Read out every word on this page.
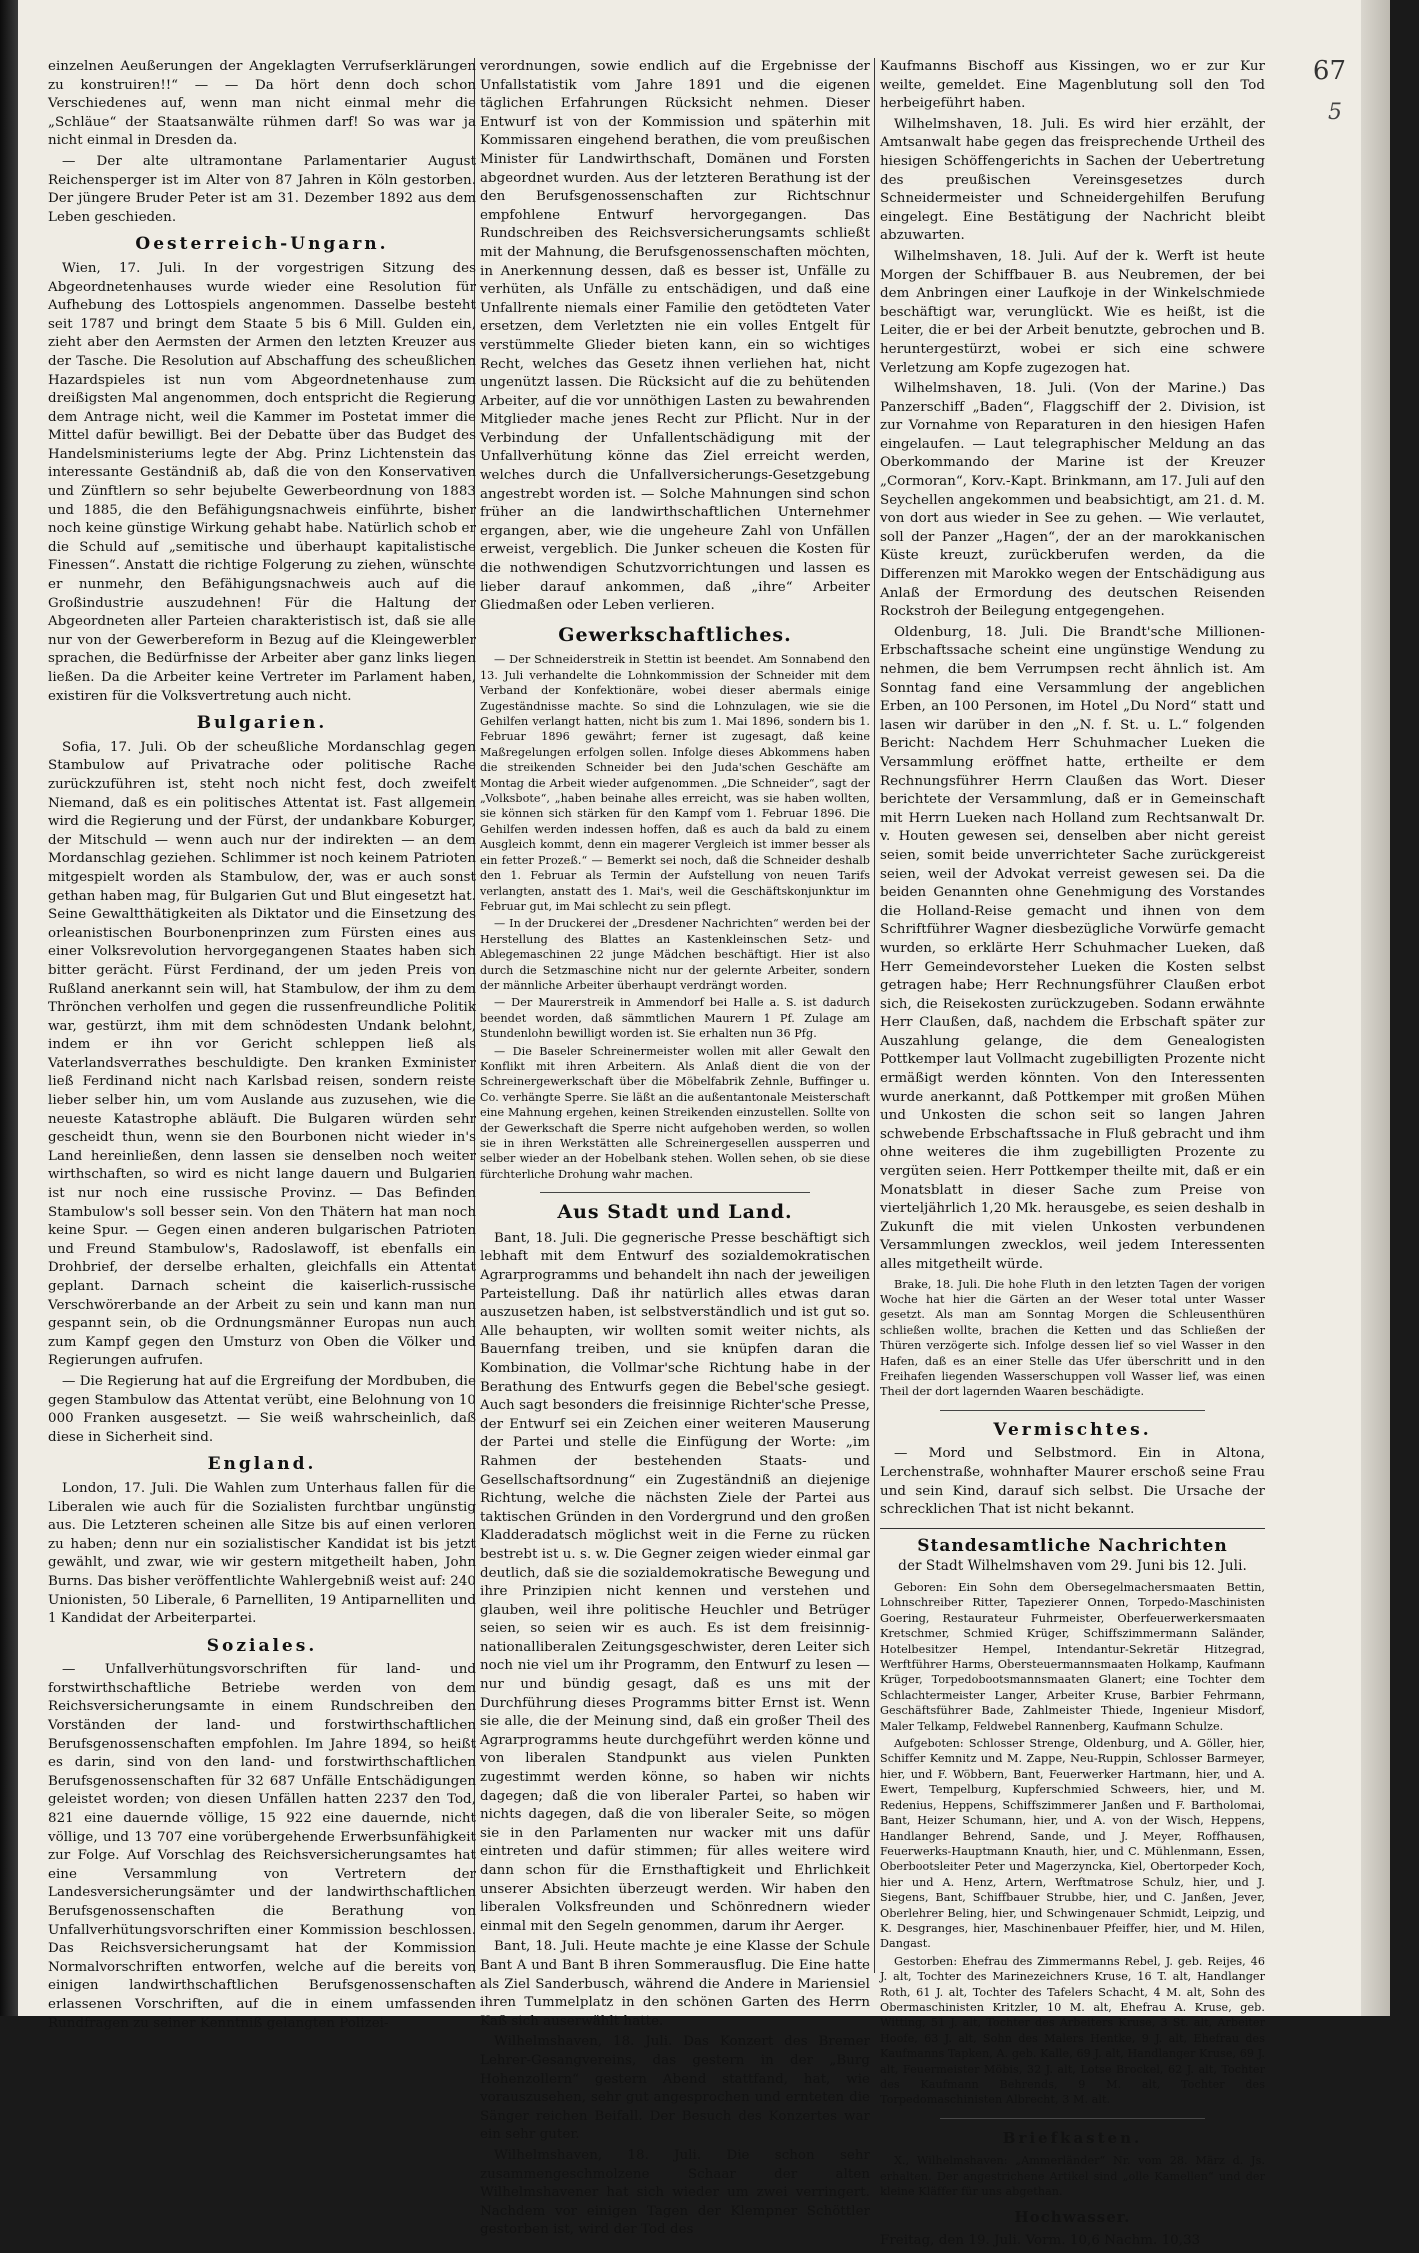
67
5

einzelnen Aeußerungen der Angeklagten Verrufserklärungen zu konstruiren!!“ — — Da hört denn doch schon Verschiedenes auf, wenn man nicht einmal mehr die „Schläue“ der Staatsanwälte rühmen darf! So was war ja nicht einmal in Dresden da.

— Der alte ultramontane Parlamentarier August Reichensperger ist im Alter von 87 Jahren in Köln gestorben. Der jüngere Bruder Peter ist am 31. Dezember 1892 aus dem Leben geschieden.

Oesterreich-Ungarn.

Wien, 17. Juli. In der vorgestrigen Sitzung des Abgeordnetenhauses wurde wieder eine Resolution für Aufhebung des Lottospiels angenommen. Dasselbe besteht seit 1787 und bringt dem Staate 5 bis 6 Mill. Gulden ein, zieht aber den Aermsten der Armen den letzten Kreuzer aus der Tasche. Die Resolution auf Abschaffung des scheußlichen Hazardspieles ist nun vom Abgeordnetenhause zum dreißigsten Mal angenommen, doch entspricht die Regierung dem Antrage nicht, weil die Kammer im Postetat immer die Mittel dafür bewilligt. Bei der Debatte über das Budget des Handelsministeriums legte der Abg. Prinz Lichtenstein das interessante Geständniß ab, daß die von den Konservativen und Zünftlern so sehr bejubelte Gewerbeordnung von 1883 und 1885, die den Befähigungsnachweis einführte, bisher noch keine günstige Wirkung gehabt habe. Natürlich schob er die Schuld auf „semitische und überhaupt kapitalistische Finessen“. Anstatt die richtige Folgerung zu ziehen, wünschte er nunmehr, den Befähigungsnachweis auch auf die Großindustrie auszudehnen! Für die Haltung der Abgeordneten aller Parteien charakteristisch ist, daß sie alle nur von der Gewerbereform in Bezug auf die Kleingewerbler sprachen, die Bedürfnisse der Arbeiter aber ganz links liegen ließen. Da die Arbeiter keine Vertreter im Parlament haben, existiren für die Volksvertretung auch nicht.

Bulgarien.

Sofia, 17. Juli. Ob der scheußliche Mordanschlag gegen Stambulow auf Privatrache oder politische Rache zurückzuführen ist, steht noch nicht fest, doch zweifelt Niemand, daß es ein politisches Attentat ist. Fast allgemein wird die Regierung und der Fürst, der undankbare Koburger, der Mitschuld — wenn auch nur der indirekten — an dem Mordanschlag geziehen. Schlimmer ist noch keinem Patrioten mitgespielt worden als Stambulow, der, was er auch sonst gethan haben mag, für Bulgarien Gut und Blut eingesetzt hat. Seine Gewaltthätigkeiten als Diktator und die Einsetzung des orleanistischen Bourbonenprinzen zum Fürsten eines aus einer Volksrevolution hervorgegangenen Staates haben sich bitter gerächt. Fürst Ferdinand, der um jeden Preis von Rußland anerkannt sein will, hat Stambulow, der ihm zu dem Thrönchen verholfen und gegen die russenfreundliche Politik war, gestürzt, ihm mit dem schnödesten Undank belohnt, indem er ihn vor Gericht schleppen ließ als Vaterlandsverrathes beschuldigte. Den kranken Exminister ließ Ferdinand nicht nach Karlsbad reisen, sondern reiste lieber selber hin, um vom Auslande aus zuzusehen, wie die neueste Katastrophe abläuft. Die Bulgaren würden sehr gescheidt thun, wenn sie den Bourbonen nicht wieder in's Land hereinließen, denn lassen sie denselben noch weiter wirthschaften, so wird es nicht lange dauern und Bulgarien ist nur noch eine russische Provinz. — Das Befinden Stambulow's soll besser sein. Von den Thätern hat man noch keine Spur. — Gegen einen anderen bulgarischen Patrioten und Freund Stambulow's, Radoslawoff, ist ebenfalls ein Drohbrief, der derselbe erhalten, gleichfalls ein Attentat geplant. Darnach scheint die kaiserlich-russische Verschwörerbande an der Arbeit zu sein und kann man nun gespannt sein, ob die Ordnungsmänner Europas nun auch zum Kampf gegen den Umsturz von Oben die Völker und Regierungen aufrufen.

— Die Regierung hat auf die Ergreifung der Mordbuben, die gegen Stambulow das Attentat verübt, eine Belohnung von 10 000 Franken ausgesetzt. — Sie weiß wahrscheinlich, daß diese in Sicherheit sind.

England.

London, 17. Juli. Die Wahlen zum Unterhaus fallen für die Liberalen wie auch für die Sozialisten furchtbar ungünstig aus. Die Letzteren scheinen alle Sitze bis auf einen verloren zu haben; denn nur ein sozialistischer Kandidat ist bis jetzt gewählt, und zwar, wie wir gestern mitgetheilt haben, John Burns. Das bisher veröffentlichte Wahlergebniß weist auf: 240 Unionisten, 50 Liberale, 6 Parnelliten, 19 Antiparnelliten und 1 Kandidat der Arbeiterpartei.

Soziales.

— Unfallverhütungsvorschriften für land- und forstwirthschaftliche Betriebe werden von dem Reichsversicherungsamte in einem Rundschreiben den Vorständen der land- und forstwirthschaftlichen Berufsgenossenschaften empfohlen. Im Jahre 1894, so heißt es darin, sind von den land- und forstwirthschaftlichen Berufsgenossenschaften für 32 687 Unfälle Entschädigungen geleistet worden; von diesen Unfällen hatten 2237 den Tod, 821 eine dauernde völlige, 15 922 eine dauernde, nicht völlige, und 13 707 eine vorübergehende Erwerbsunfähigkeit zur Folge. Auf Vorschlag des Reichsversicherungsamtes hat eine Versammlung von Vertretern der Landesversicherungsämter und der landwirthschaftlichen Berufsgenossenschaften die Berathung von Unfallverhütungsvorschriften einer Kommission beschlossen. Das Reichsversicherungsamt hat der Kommission Normalvorschriften entworfen, welche auf die bereits von einigen landwirthschaftlichen Berufsgenossenschaften erlassenen Vorschriften, auf die in einem umfassenden Rundfragen zu seiner Kenntniß gelangten Polizei-

verordnungen, sowie endlich auf die Ergebnisse der Unfallstatistik vom Jahre 1891 und die eigenen täglichen Erfahrungen Rücksicht nehmen. Dieser Entwurf ist von der Kommission und späterhin mit Kommissaren eingehend berathen, die vom preußischen Minister für Landwirthschaft, Domänen und Forsten abgeordnet wurden. Aus der letzteren Berathung ist der den Berufsgenossenschaften zur Richtschnur empfohlene Entwurf hervorgegangen. Das Rundschreiben des Reichsversicherungsamts schließt mit der Mahnung, die Berufsgenossenschaften möchten, in Anerkennung dessen, daß es besser ist, Unfälle zu verhüten, als Unfälle zu entschädigen, und daß eine Unfallrente niemals einer Familie den getödteten Vater ersetzen, dem Verletzten nie ein volles Entgelt für verstümmelte Glieder bieten kann, ein so wichtiges Recht, welches das Gesetz ihnen verliehen hat, nicht ungenützt lassen. Die Rücksicht auf die zu behütenden Arbeiter, auf die vor unnöthigen Lasten zu bewahrenden Mitglieder mache jenes Recht zur Pflicht. Nur in der Verbindung der Unfallentschädigung mit der Unfallverhütung könne das Ziel erreicht werden, welches durch die Unfallversicherungs-Gesetzgebung angestrebt worden ist. — Solche Mahnungen sind schon früher an die landwirthschaftlichen Unternehmer ergangen, aber, wie die ungeheure Zahl von Unfällen erweist, vergeblich. Die Junker scheuen die Kosten für die nothwendigen Schutzvorrichtungen und lassen es lieber darauf ankommen, daß „ihre“ Arbeiter Gliedmaßen oder Leben verlieren.

Gewerkschaftliches.

— Der Schneiderstreik in Stettin ist beendet. Am Sonnabend den 13. Juli verhandelte die Lohnkommission der Schneider mit dem Verband der Konfektionäre, wobei dieser abermals einige Zugeständnisse machte. So sind die Lohnzulagen, wie sie die Gehilfen verlangt hatten, nicht bis zum 1. Mai 1896, sondern bis 1. Februar 1896 gewährt; ferner ist zugesagt, daß keine Maßregelungen erfolgen sollen. Infolge dieses Abkommens haben die streikenden Schneider bei den Juda'schen Geschäfte am Montag die Arbeit wieder aufgenommen. „Die Schneider“, sagt der „Volksbote“, „haben beinahe alles erreicht, was sie haben wollten, sie können sich stärken für den Kampf vom 1. Februar 1896. Die Gehilfen werden indessen hoffen, daß es auch da bald zu einem Ausgleich kommt, denn ein magerer Vergleich ist immer besser als ein fetter Prozeß.“ — Bemerkt sei noch, daß die Schneider deshalb den 1. Februar als Termin der Aufstellung von neuen Tarifs verlangten, anstatt des 1. Mai's, weil die Geschäftskonjunktur im Februar gut, im Mai schlecht zu sein pflegt.

— In der Druckerei der „Dresdener Nachrichten“ werden bei der Herstellung des Blattes an Kastenkleinschen Setz- und Ablegemaschinen 22 junge Mädchen beschäftigt. Hier ist also durch die Setzmaschine nicht nur der gelernte Arbeiter, sondern der männliche Arbeiter überhaupt verdrängt worden.

— Der Maurerstreik in Ammendorf bei Halle a. S. ist dadurch beendet worden, daß sämmtlichen Maurern 1 Pf. Zulage am Stundenlohn bewilligt worden ist. Sie erhalten nun 36 Pfg.

— Die Baseler Schreinermeister wollen mit aller Gewalt den Konflikt mit ihren Arbeitern. Als Anlaß dient die von der Schreinergewerkschaft über die Möbelfabrik Zehnle, Buffinger u. Co. verhängte Sperre. Sie läßt an die außentantonale Meisterschaft eine Mahnung ergehen, keinen Streikenden einzustellen. Sollte von der Gewerkschaft die Sperre nicht aufgehoben werden, so wollen sie in ihren Werkstätten alle Schreinergesellen aussperren und selber wieder an der Hobelbank stehen. Wollen sehen, ob sie diese fürchterliche Drohung wahr machen.

Aus Stadt und Land.

Bant, 18. Juli. Die gegnerische Presse beschäftigt sich lebhaft mit dem Entwurf des sozialdemokratischen Agrarprogramms und behandelt ihn nach der jeweiligen Parteistellung. Daß ihr natürlich alles etwas daran auszusetzen haben, ist selbstverständlich und ist gut so. Alle behaupten, wir wollten somit weiter nichts, als Bauernfang treiben, und sie knüpfen daran die Kombination, die Vollmar'sche Richtung habe in der Berathung des Entwurfs gegen die Bebel'sche gesiegt. Auch sagt besonders die freisinnige Richter'sche Presse, der Entwurf sei ein Zeichen einer weiteren Mauserung der Partei und stelle die Einfügung der Worte: „im Rahmen der bestehenden Staats- und Gesellschaftsordnung“ ein Zugeständniß an diejenige Richtung, welche die nächsten Ziele der Partei aus taktischen Gründen in den Vordergrund und den großen Kladderadatsch möglichst weit in die Ferne zu rücken bestrebt ist u. s. w. Die Gegner zeigen wieder einmal gar deutlich, daß sie die sozialdemokratische Bewegung und ihre Prinzipien nicht kennen und verstehen und glauben, weil ihre politische Heuchler und Betrüger seien, so seien wir es auch. Es ist dem freisinnig-nationalliberalen Zeitungsgeschwister, deren Leiter sich noch nie viel um ihr Programm, den Entwurf zu lesen — nur und bündig gesagt, daß es uns mit der Durchführung dieses Programms bitter Ernst ist. Wenn sie alle, die der Meinung sind, daß ein großer Theil des Agrarprogramms heute durchgeführt werden könne und von liberalen Standpunkt aus vielen Punkten zugestimmt werden könne, so haben wir nichts dagegen; daß die von liberaler Partei, so haben wir nichts dagegen, daß die von liberaler Seite, so mögen sie in den Parlamenten nur wacker mit uns dafür eintreten und dafür stimmen; für alles weitere wird dann schon für die Ernsthaftigkeit und Ehrlichkeit unserer Absichten überzeugt werden. Wir haben den liberalen Volksfreunden und Schönrednern wieder einmal mit den Segeln genommen, darum ihr Aerger.

Bant, 18. Juli. Heute machte je eine Klasse der Schule Bant A und Bant B ihren Sommerausflug. Die Eine hatte als Ziel Sanderbusch, während die Andere in Mariensiel ihren Tummelplatz in den schönen Garten des Herrn Kaß sich auserwählt hatte.

Wilhelmshaven, 18. Juli. Das Konzert des Bremer Lehrer-Gesangvereins, das gestern in der „Burg Hohenzollern“ gestern Abend stattfand, hat, wie vorauszusehen, sehr gut angesprochen und ernteten die Sänger reichen Beifall. Der Besuch des Konzertes war ein sehr guter.

Wilhelmshaven, 18. Juli. Die schon sehr zusammengeschmolzene Schaar der alten Wilhelmshavener hat sich wieder um zwei verringert. Nachdem vor einigen Tagen der Klempner Schöttler gestorben ist, wird der Tod des

Kaufmanns Bischoff aus Kissingen, wo er zur Kur weilte, gemeldet. Eine Magenblutung soll den Tod herbeigeführt haben.

Wilhelmshaven, 18. Juli. Es wird hier erzählt, der Amtsanwalt habe gegen das freisprechende Urtheil des hiesigen Schöffengerichts in Sachen der Uebertretung des preußischen Vereinsgesetzes durch Schneidermeister und Schneidergehilfen Berufung eingelegt. Eine Bestätigung der Nachricht bleibt abzuwarten.

Wilhelmshaven, 18. Juli. Auf der k. Werft ist heute Morgen der Schiffbauer B. aus Neubremen, der bei dem Anbringen einer Laufkoje in der Winkelschmiede beschäftigt war, verunglückt. Wie es heißt, ist die Leiter, die er bei der Arbeit benutzte, gebrochen und B. heruntergestürzt, wobei er sich eine schwere Verletzung am Kopfe zugezogen hat.

Wilhelmshaven, 18. Juli. (Von der Marine.) Das Panzerschiff „Baden“, Flaggschiff der 2. Division, ist zur Vornahme von Reparaturen in den hiesigen Hafen eingelaufen. — Laut telegraphischer Meldung an das Oberkommando der Marine ist der Kreuzer „Cormoran“, Korv.-Kapt. Brinkmann, am 17. Juli auf den Seychellen angekommen und beabsichtigt, am 21. d. M. von dort aus wieder in See zu gehen. — Wie verlautet, soll der Panzer „Hagen“, der an der marokkanischen Küste kreuzt, zurückberufen werden, da die Differenzen mit Marokko wegen der Entschädigung aus Anlaß der Ermordung des deutschen Reisenden Rockstroh der Beilegung entgegengehen.

Oldenburg, 18. Juli. Die Brandt'sche Millionen-Erbschaftssache scheint eine ungünstige Wendung zu nehmen, die bem Verrumpsen recht ähnlich ist. Am Sonntag fand eine Versammlung der angeblichen Erben, an 100 Personen, im Hotel „Du Nord“ statt und lasen wir darüber in den „N. f. St. u. L.“ folgenden Bericht: Nachdem Herr Schuhmacher Lueken die Versammlung eröffnet hatte, ertheilte er dem Rechnungsführer Herrn Claußen das Wort. Dieser berichtete der Versammlung, daß er in Gemeinschaft mit Herrn Lueken nach Holland zum Rechtsanwalt Dr. v. Houten gewesen sei, denselben aber nicht gereist seien, somit beide unverrichteter Sache zurückgereist seien, weil der Advokat verreist gewesen sei. Da die beiden Genannten ohne Genehmigung des Vorstandes die Holland-Reise gemacht und ihnen von dem Schriftführer Wagner diesbezügliche Vorwürfe gemacht wurden, so erklärte Herr Schuhmacher Lueken, daß Herr Gemeindevorsteher Lueken die Kosten selbst getragen habe; Herr Rechnungsführer Claußen erbot sich, die Reisekosten zurückzugeben. Sodann erwähnte Herr Claußen, daß, nachdem die Erbschaft später zur Auszahlung gelange, die dem Genealogisten Pottkemper laut Vollmacht zugebilligten Prozente nicht ermäßigt werden könnten. Von den Interessenten wurde anerkannt, daß Pottkemper mit großen Mühen und Unkosten die schon seit so langen Jahren schwebende Erbschaftssache in Fluß gebracht und ihm ohne weiteres die ihm zugebilligten Prozente zu vergüten seien. Herr Pottkemper theilte mit, daß er ein Monatsblatt in dieser Sache zum Preise von vierteljährlich 1,20 Mk. herausgebe, es seien deshalb in Zukunft die mit vielen Unkosten verbundenen Versammlungen zwecklos, weil jedem Interessenten alles mitgetheilt würde.

Brake, 18. Juli. Die hohe Fluth in den letzten Tagen der vorigen Woche hat hier die Gärten an der Weser total unter Wasser gesetzt. Als man am Sonntag Morgen die Schleusenthüren schließen wollte, brachen die Ketten und das Schließen der Thüren verzögerte sich. Infolge dessen lief so viel Wasser in den Hafen, daß es an einer Stelle das Ufer überschritt und in den Freihafen liegenden Wasserschuppen voll Wasser lief, was einen Theil der dort lagernden Waaren beschädigte.

Vermischtes.

— Mord und Selbstmord. Ein in Altona, Lerchenstraße, wohnhafter Maurer erschoß seine Frau und sein Kind, darauf sich selbst. Die Ursache der schrecklichen That ist nicht bekannt.

Standesamtliche Nachrichten
der Stadt Wilhelmshaven vom 29. Juni bis 12. Juli.

Geboren: Ein Sohn dem Obersegelmachersmaaten Bettin, Lohnschreiber Ritter, Tapezierer Onnen, Torpedo-Maschinisten Goering, Restaurateur Fuhrmeister, Oberfeuerwerkersmaaten Kretschmer, Schmied Krüger, Schiffszimmermann Saländer, Hotelbesitzer Hempel, Intendantur-Sekretär Hitzegrad, Werftführer Harms, Obersteuermannsmaaten Holkamp, Kaufmann Krüger, Torpedobootsmannsmaaten Glanert; eine Tochter dem Schlachtermeister Langer, Arbeiter Kruse, Barbier Fehrmann, Geschäftsführer Bade, Zahlmeister Thiede, Ingenieur Misdorf, Maler Telkamp, Feldwebel Rannenberg, Kaufmann Schulze.

Aufgeboten: Schlosser Strenge, Oldenburg, und A. Göller, hier, Schiffer Kemnitz und M. Zappe, Neu-Ruppin, Schlosser Barmeyer, hier, und F. Wöbbern, Bant, Feuerwerker Hartmann, hier, und A. Ewert, Tempelburg, Kupferschmied Schweers, hier, und M. Redenius, Heppens, Schiffszimmerer Janßen und F. Bartholomai, Bant, Heizer Schumann, hier, und A. von der Wisch, Heppens, Handlanger Behrend, Sande, und J. Meyer, Roffhausen, Feuerwerks-Hauptmann Knauth, hier, und C. Mühlenmann, Essen, Oberbootsleiter Peter und Magerzyncka, Kiel, Obertorpeder Koch, hier und A. Henz, Artern, Werftmatrose Schulz, hier, und J. Siegens, Bant, Schiffbauer Strubbe, hier, und C. Janßen, Jever, Oberlehrer Beling, hier, und Schwingenauer Schmidt, Leipzig, und K. Desgranges, hier, Maschinenbauer Pfeiffer, hier, und M. Hilen, Dangast.

Gestorben: Ehefrau des Zimmermanns Rebel, J. geb. Reijes, 46 J. alt, Tochter des Marinezeichners Kruse, 16 T. alt, Handlanger Roth, 61 J. alt, Tochter des Tafelers Schacht, 4 M. alt, Sohn des Obermaschinisten Kritzler, 10 M. alt, Ehefrau A. Kruse, geb. Witting, 51 J. alt, Tochter des Arbeiters Kruse, 3 St. alt, Arbeiter Hoofe, 63 J. alt, Sohn des Malers Hentke, 9 J. alt, Ehefrau des Kaufmanns Tapken, A. geb. Kalle, 69 J. alt, Handlanger Kruse, 69 J. alt, Feuermeister Möbis, 32 J. alt, Lotse Brockel, 62 J. alt, Tochter des Kaufmann Behrends, 9 M. alt, Tochter des Torpedomaschinisten Albrecht, 3 M. alt.

Briefkasten.

X., Wilhelmshaven: „Ammerländer“ Nr. vom 28. März d. Js. erhalten. Der angestrichene Artikel sind „olle Kamellen“ und der kleine Kläffer für uns abgethan.

Hochwasser.

Freitag, den 19. Juli. Vorm. 10,6 Nachm. 10,33
